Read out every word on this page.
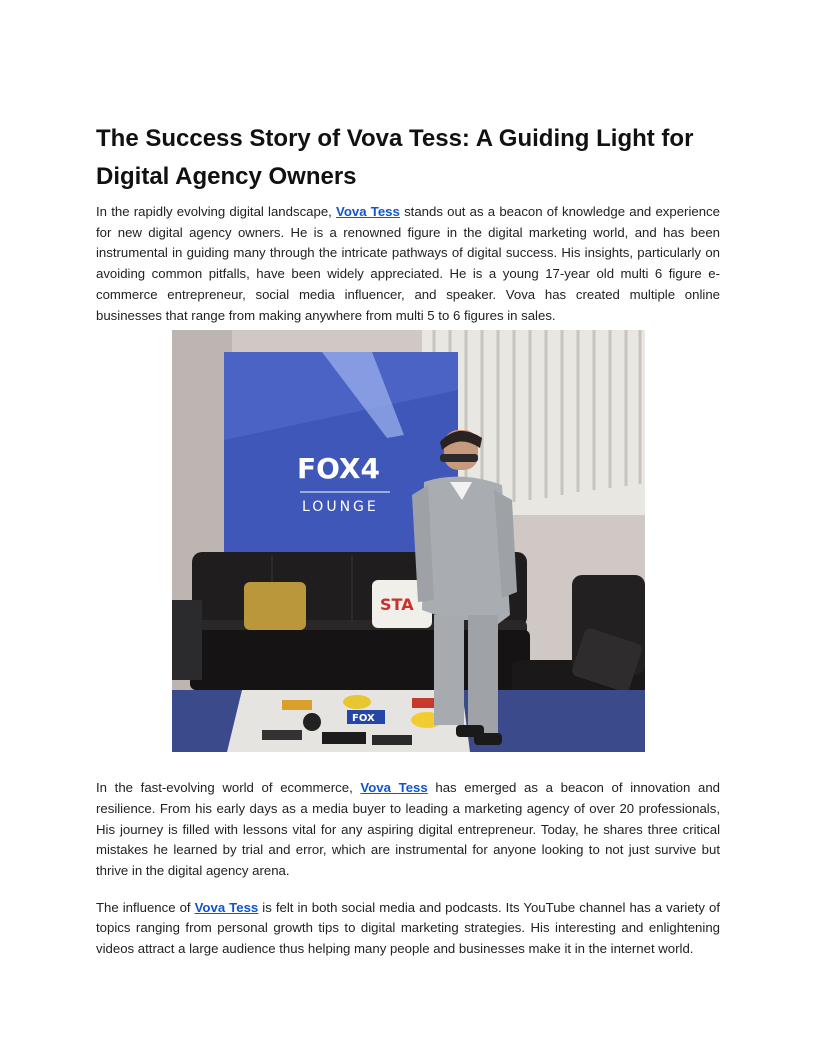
The Success Story of Vova Tess: A Guiding Light for Digital Agency Owners

In the rapidly evolving digital landscape, Vova Tess stands out as a beacon of knowledge and experience for new digital agency owners. He is a renowned figure in the digital marketing world, and has been instrumental in guiding many through the intricate pathways of digital success. His insights, particularly on avoiding common pitfalls, have been widely appreciated. He is a young 17-year old multi 6 figure e-commerce entrepreneur, social media influencer, and speaker. Vova has created multiple online businesses that range from making anywhere from multi 5 to 6 figures in sales.

FOX4
LOUNGE
STA
FOX

In the fast-evolving world of ecommerce, Vova Tess has emerged as a beacon of innovation and resilience. From his early days as a media buyer to leading a marketing agency of over 20 professionals, His journey is filled with lessons vital for any aspiring digital entrepreneur. Today, he shares three critical mistakes he learned by trial and error, which are instrumental for anyone looking to not just survive but thrive in the digital agency arena.

The influence of Vova Tess is felt in both social media and podcasts. Its YouTube channel has a variety of topics ranging from personal growth tips to digital marketing strategies. His interesting and enlightening videos attract a large audience thus helping many people and businesses make it in the internet world.
